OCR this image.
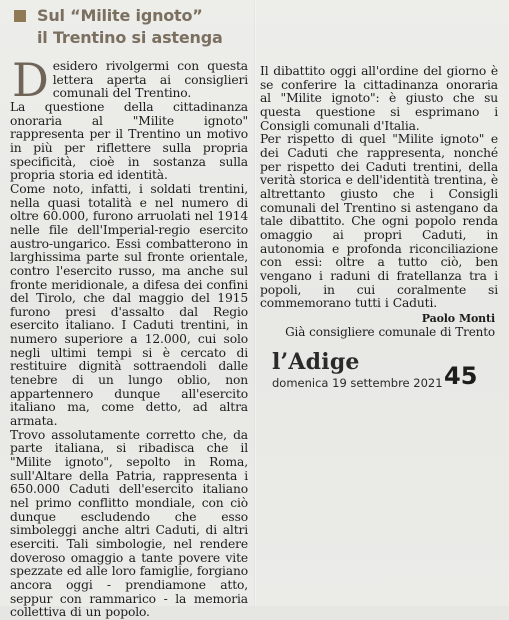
Sul “Milite ignoto”
il Trentino si astenga

D esidero rivolgermi con questa lettera aperta ai consiglieri comunali del Trentino.

La questione della cittadinanza onoraria al "Milite ignoto" rappresenta per il Trentino un motivo in più per riflettere sulla propria specificità, cioè in sostanza sulla propria storia ed identità.

Come noto, infatti, i soldati trentini, nella quasi totalità e nel numero di oltre 60.000, furono arruolati nel 1914 nelle file dell'Imperial-regio esercito austro-ungarico. Essi combatterono in larghissima parte sul fronte orientale, contro l'esercito russo, ma anche sul fronte meridionale, a difesa dei confini del Tirolo, che dal maggio del 1915 furono presi d'assalto dal Regio esercito italiano. I Caduti trentini, in numero superiore a 12.000, cui solo negli ultimi tempi si è cercato di restituire dignità sottraendoli dalle tenebre di un lungo oblio, non appartennero dunque all'esercito italiano ma, come detto, ad altra armata.

Trovo assolutamente corretto che, da parte italiana, si ribadisca che il "Milite ignoto", sepolto in Roma, sull'Altare della Patria, rappresenta i 650.000 Caduti dell'esercito italiano nel primo conflitto mondiale, con ciò dunque escludendo che esso simboleggi anche altri Caduti, di altri eserciti. Tali simbologie, nel rendere doveroso omaggio a tante povere vite spezzate ed alle loro famiglie, forgiano ancora oggi - prendiamone atto, seppur con rammarico - la memoria collettiva di un popolo.

Il dibattito oggi all'ordine del giorno è se conferire la cittadinanza onoraria al "Milite ignoto": è giusto che su questa questione si esprimano i Consigli comunali d'Italia.

Per rispetto di quel "Milite ignoto" e dei Caduti che rappresenta, nonché per rispetto dei Caduti trentini, della verità storica e dell'identità trentina, è altrettanto giusto che i Consigli comunali del Trentino si astengano da tale dibattito. Che ogni popolo renda omaggio ai propri Caduti, in autonomia e profonda riconciliazione con essi: oltre a tutto ciò, ben vengano i raduni di fratellanza tra i popoli, in cui coralmente si commemorano tutti i Caduti.

Paolo Monti
Già consigliere comunale di Trento
l’Adige
domenica 19 settembre 2021 45
